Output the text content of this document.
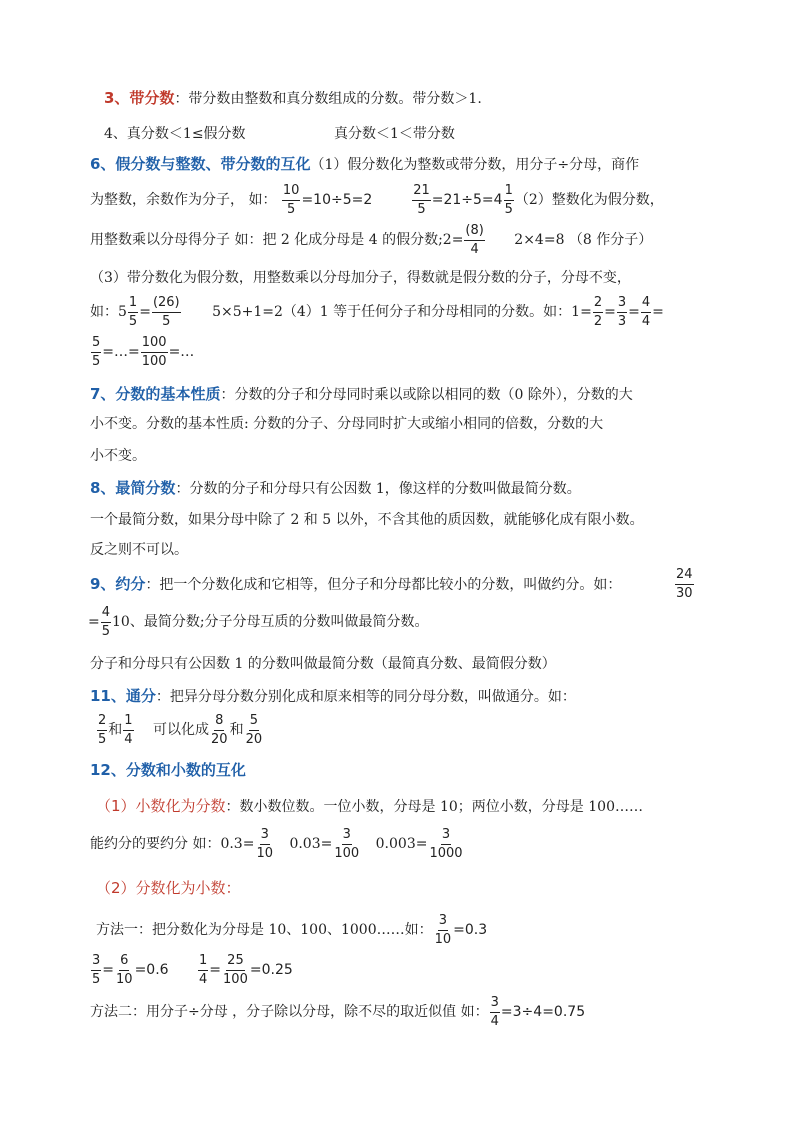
3、带分数：带分数由整数和真分数组成的分数。带分数＞1.
4、真分数＜1≤假分数	真分数＜1＜带分数
6、假分数与整数、带分数的互化（1）假分数化为整数或带分数，用分子÷分母，商作
为整数，余数作为分子， 如： $\frac{10}{5} =10\div 5=2$	$\frac{21}{5} =21\div 5=4 \frac{1}{5} (2)$整数化为假分数，
用整数乘以分母得分子 如：把 2 化成分母是 4 的假分数;2= $\frac{(8)}{4} 2\times 4=8$ （8 作分子）
（3）带分数化为假分数，用整数乘以分母加分子，得数就是假分数的分子，分母不变，
如：$5 \frac{1}{5} = \frac{(26)}{5} 5\times 5+1=2(4)1$ 等于任何分子和分母相同的分数。如：$1= \frac{2}{2} = \frac{3}{3} = \frac{4}{4}$ =
$\frac{5}{5}$ =…= $\frac{100}{100}$ =…
7、分数的基本性质：分数的分子和分母同时乘以或除以相同的数（0 除外），分数的大
小不变。分数的基本性质: 分数的分子、分母同时扩大或缩小相同的倍数，分数的大
小不变。
8、最简分数：分数的分子和分母只有公因数 1，像这样的分数叫做最简分数。
一个最简分数，如果分母中除了 2 和 5 以外，不含其他的质因数，就能够化成有限小数。
反之则不可以。
9、约分：把一个分数化成和它相等，但分子和分母都比较小的分数，叫做约分。如：	$\frac{24}{30}$
= $\frac{4}{5} 10$、最简分数;分子分母互质的分数叫做最简分数。
分子和分母只有公因数 1 的分数叫做最简分数（最简真分数、最简假分数）
11、通分：把异分母分数分别化成和原来相等的同分母分数，叫做通分。如：
$\frac{2}{5}$ 和 $\frac{1}{4}$ 可以化成 $\frac{8}{20}$ 和 $\frac{5}{20}$
12、分数和小数的互化
（1）小数化为分数：数小数位数。一位小数，分母是 10；两位小数，分母是 100……
能约分的要约分 如：$0.3= \frac{3}{10} 0.03= \frac{3}{100} 0.003= \frac{3}{1000}$
（2）分数化为小数：
方法一：把分数化为分母是 10、100、1000……如： $\frac{3}{10} =0.3$
$\frac{3}{5} = \frac{6}{10} =0.6 \frac{1}{4} = \frac{25}{100} =0.25$
方法二：用分子÷分母 ，分子除以分母，除不尽的取近似值 如： $\frac{3}{4} =3\div 4=0.75$
